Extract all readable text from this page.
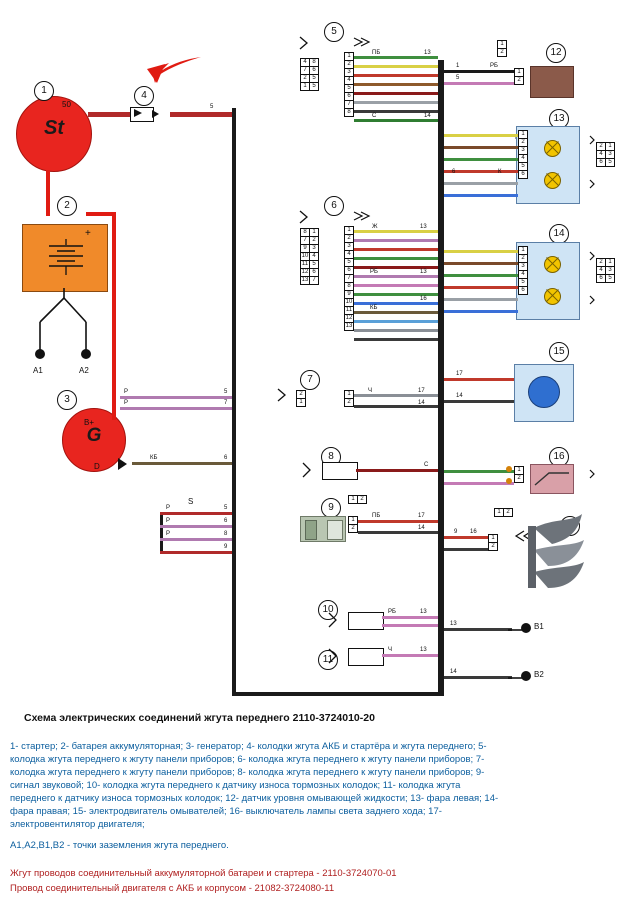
St
50
1	4
5
2
+
A1	A2
G
B+
D
3
Р
Р
5
7
КБ	6
S
Р
Р
Р
5
6
8
9
5
4	8
7	6
2	5
1	5
1
2
3
4
5
6
7
8
ПБ	13
14
С
12
1
2
1
2
1	РБ
5
13
1
2
3
4
5
6
2	1
4	3
6	5
6	К
6
8	1
7	2
9	3
10	4
11	5
12	6
13	7
1
2
3
4
5
6
7
8
9
10
11
12
13
Ж	13
РБ	13
КБ
16
14
1
2
3
4
5
6
2	1
4	3
6	5
7
2
1
1
2
Ч	17
14
15
17
14
8
С
16
1
2
9
1	2
1
2
ПБ	17
14
1	2
1
2
9 16
10	РБ	13
11
Ч	13
B1
13
B2
14
Схема электрических соединений жгута переднего 2110-3724010-20
1- стартер; 2- батарея аккумуляторная; 3- генератор; 4- колодки жгута АКБ и стартёра и жгута переднего; 5-
колодка жгута переднего к жгуту панели приборов; 6- колодка жгута переднего к жгуту панели приборов; 7-
колодка жгута переднего к жгуту панели приборов; 8- колодка жгута переднего к жгуту панели приборов; 9-
сигнал звуковой; 10- колодка жгута переднего к датчику износа тормозных колодок; 11- колодка жгута
переднего к датчику износа тормозных колодок; 12- датчик уровня омывающей жидкости; 13- фара левая; 14-
фара правая; 15- электродвигатель омывателей; 16- выключатель лампы света заднего хода; 17-
электровентилятор двигателя;
A1,A2,B1,B2 - точки заземления жгута переднего.
Жгут проводов соединительный аккумуляторной батареи и стартера - 2110-3724070-01
Провод соединительный двигателя с АКБ и корпусом - 21082-3724080-11
